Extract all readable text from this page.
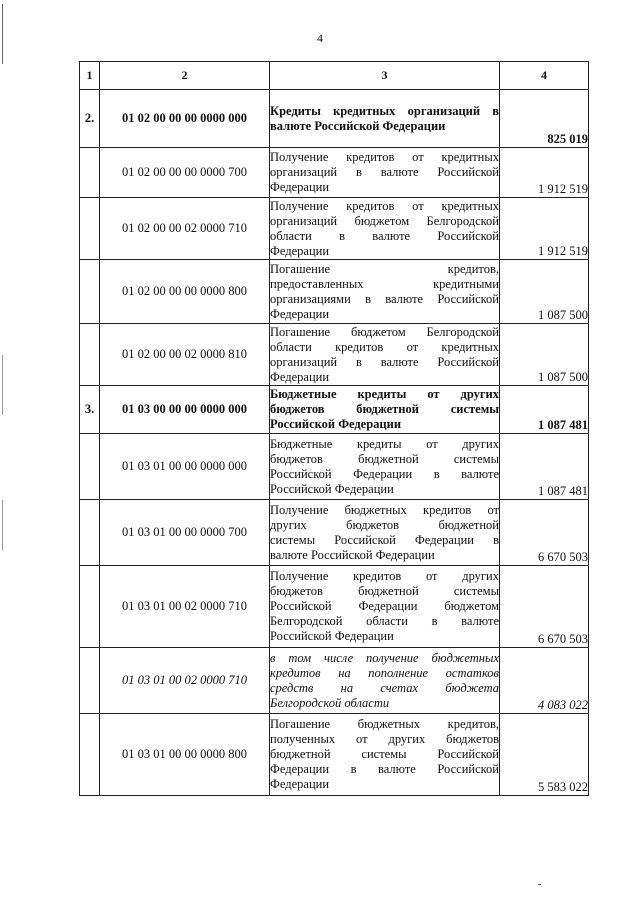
4
1	2	3	4
2.	01 02 00 00 00 0000 000	Кредиты кредитных организаций в
валюте Российской Федерации	825 019
	01 02 00 00 00 0000 700	Получение кредитов от кредитных
организаций в валюте Российской
Федерации	1 912 519
	01 02 00 00 02 0000 710	Получение кредитов от кредитных
организаций бюджетом Белгородской
области в валюте Российской
Федерации	1 912 519
	01 02 00 00 00 0000 800	Погашение кредитов,
предоставленных кредитными
организациями в валюте Российской
Федерации	1 087 500
	01 02 00 00 02 0000 810	Погашение бюджетом Белгородской
области кредитов от кредитных
организаций в валюте Российской
Федерации	1 087 500
3.	01 03 00 00 00 0000 000	Бюджетные кредиты от других
бюджетов бюджетной системы
Российской Федерации	1 087 481
	01 03 01 00 00 0000 000	Бюджетные кредиты от других
бюджетов бюджетной системы
Российской Федерации в валюте
Российской Федерации	1 087 481
	01 03 01 00 00 0000 700	Получение бюджетных кредитов от
других бюджетов бюджетной
системы Российской Федерации в
валюте Российской Федерации	6 670 503
	01 03 01 00 02 0000 710	Получение кредитов от других
бюджетов бюджетной системы
Российской Федерации бюджетом
Белгородской области в валюте
Российской Федерации	6 670 503
	01 03 01 00 02 0000 710	в том числе получение бюджетных
кредитов на пополнение остатков
средств на счетах бюджета
Белгородской области	4 083 022
	01 03 01 00 00 0000 800	Погашение бюджетных кредитов,
полученных от других бюджетов
бюджетной системы Российской
Федерации в валюте Российской
Федерации	5 583 022
